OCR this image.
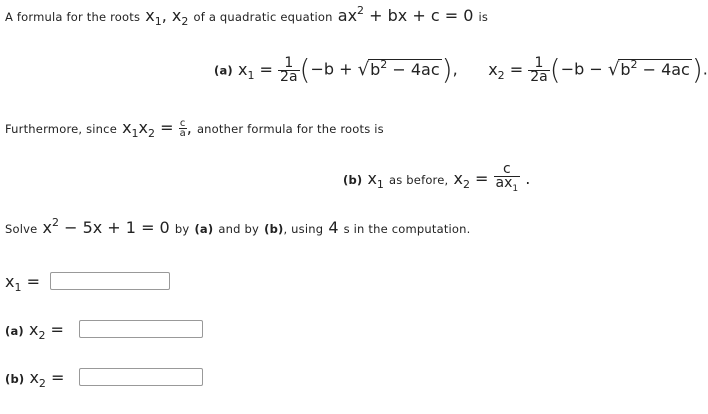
A formula for the roots $x_1$, $x_2$ of a quadratic equation $ax^2$ + bx + c = 0 is
(a) $x_1 = \frac{1}{2a} (-b + √b^2 - 4ac)$, $x_2 = \frac{1}{2a} (-b - √b^2 - 4ac)$.
Furthermore, since $x_1x_2 = \frac{c}{a}$ , another formula for the roots is
(b) $x_1$ as before, $x_2 = \frac{c}{ax_1}$ .
Solve $x^2 - 5x + 1 = 0$ by (a) and by (b), using 4 s in the computation.
$x_1$ =
(a) $x_2$ =
(b) $x_2$ =
